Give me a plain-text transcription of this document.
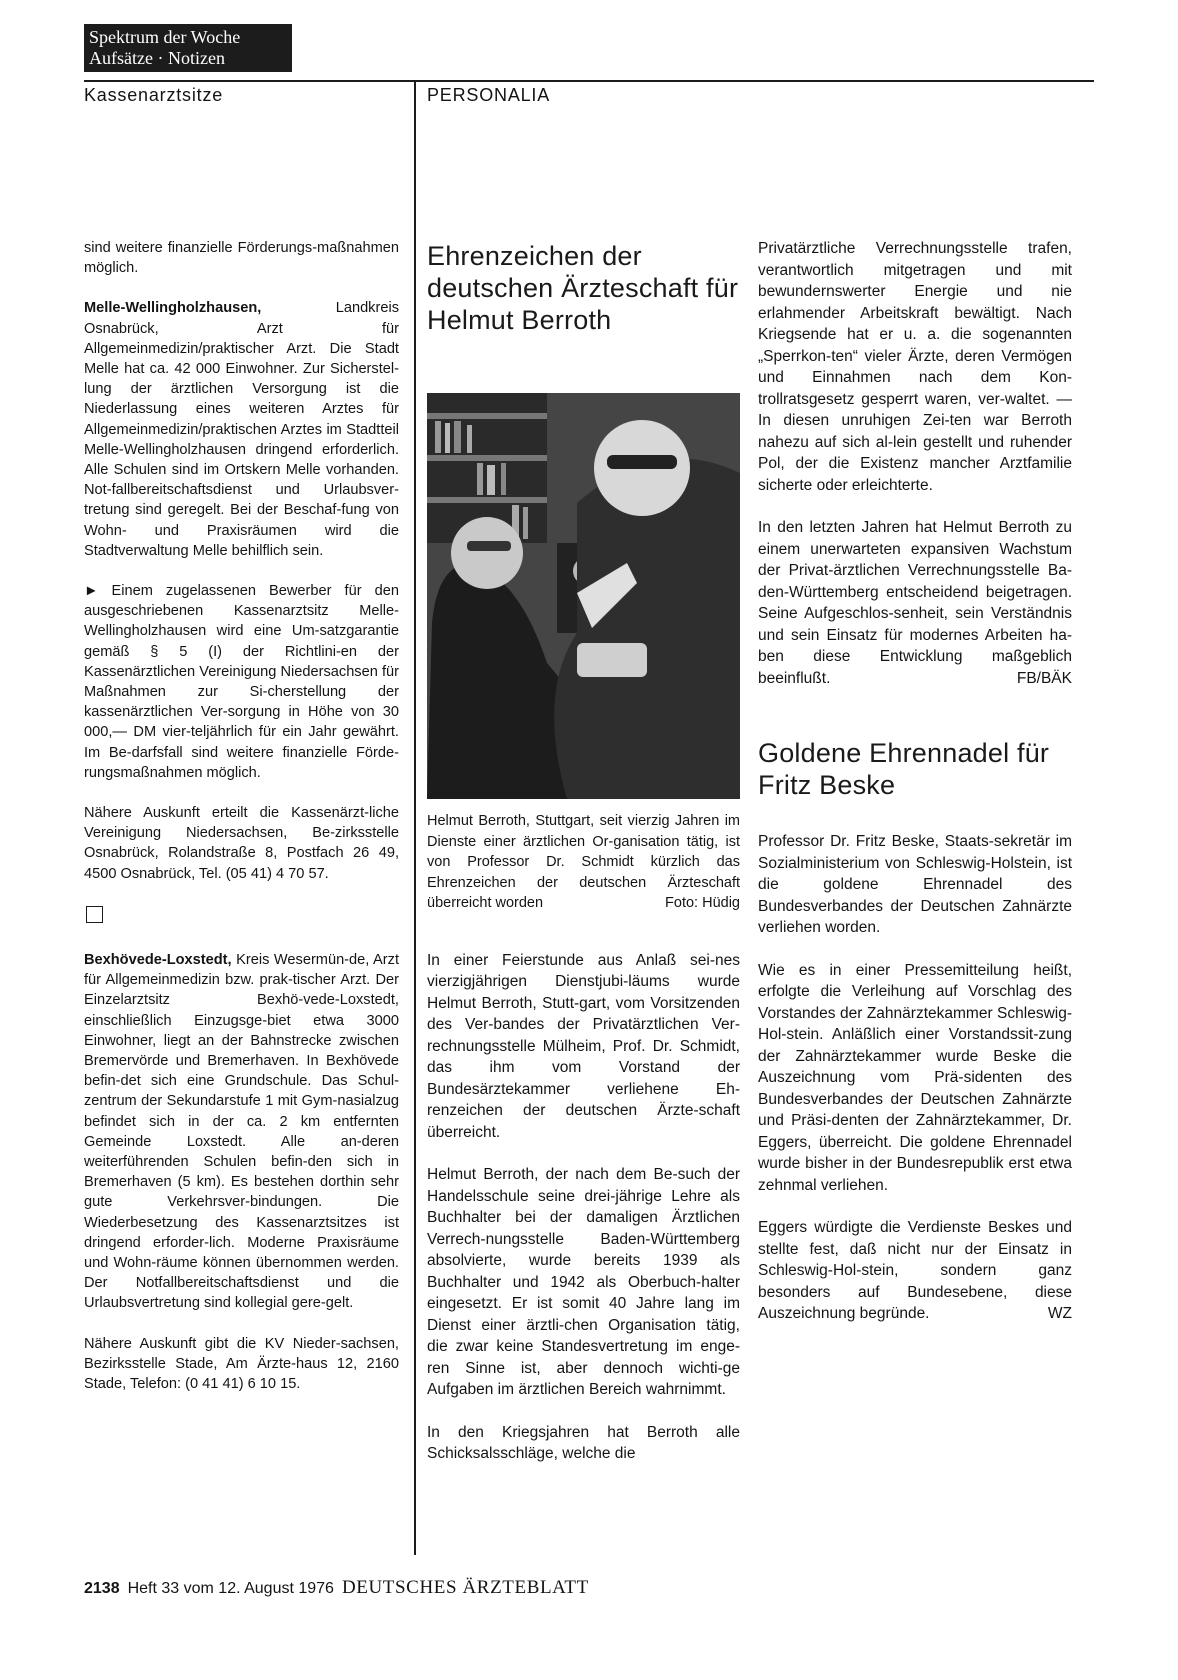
Spektrum der Woche
Aufsätze · Notizen
Kassenarztsitze	PERSONALIA

sind weitere finanzielle Förderungs-maßnahmen möglich.

Melle-Wellingholzhausen,	Landkreis Osnabrück, Arzt für Allgemeinmedizin/praktischer Arzt. Die Stadt Melle hat ca. 42 000 Einwohner. Zur Sicherstel-lung der ärztlichen Versorgung ist die Niederlassung eines weiteren Arztes für Allgemeinmedizin/praktischen Arztes im Stadtteil Melle-Wellingholzhausen dringend erforderlich. Alle Schulen sind im Ortskern Melle vorhanden. Not-fallbereitschaftsdienst und Urlaubsver-tretung sind geregelt. Bei der Beschaf-fung von Wohn- und Praxisräumen wird die Stadtverwaltung Melle behilflich sein.

► Einem zugelassenen Bewerber für den ausgeschriebenen Kassenarztsitz Melle-Wellingholzhausen wird eine Um-satzgarantie gemäß § 5 (I) der Richtlini-en der Kassenärztlichen Vereinigung Niedersachsen für Maßnahmen zur Si-cherstellung der kassenärztlichen Ver-sorgung in Höhe von 30 000,— DM vier-teljährlich für ein Jahr gewährt. Im Be-darfsfall sind weitere finanzielle Förde-rungsmaßnahmen möglich.

Nähere Auskunft erteilt die Kassenärzt-liche Vereinigung Niedersachsen, Be-zirksstelle Osnabrück, Rolandstraße 8, Postfach 26 49, 4500 Osnabrück, Tel. (05 41) 4 70 57.

Bexhövede-Loxstedt, Kreis Wesermün-de, Arzt für Allgemeinmedizin bzw. prak-tischer Arzt. Der Einzelarztsitz Bexhö-vede-Loxstedt, einschließlich Einzugsge-biet etwa 3000 Einwohner, liegt an der Bahnstrecke zwischen Bremervörde und Bremerhaven. In Bexhövede befin-det sich eine Grundschule. Das Schul-zentrum der Sekundarstufe 1 mit Gym-nasialzug befindet sich in der ca. 2 km entfernten Gemeinde Loxstedt. Alle an-deren weiterführenden Schulen befin-den sich in Bremerhaven (5 km). Es bestehen dorthin sehr gute Verkehrsver-bindungen. Die Wiederbesetzung des Kassenarztsitzes ist dringend erforder-lich. Moderne Praxisräume und Wohn-räume können übernommen werden. Der Notfallbereitschaftsdienst und die Urlaubsvertretung sind kollegial gere-gelt.

Nähere Auskunft gibt die KV Nieder-sachsen, Bezirksstelle Stade, Am Ärzte-haus 12, 2160 Stade, Telefon: (0 41 41) 6 10 15.

Ehrenzeichen der deutschen Ärzteschaft für Helmut Berroth

Helmut Berroth, Stuttgart, seit vierzig Jahren im Dienste einer ärztlichen Or-ganisation tätig, ist von Professor Dr. Schmidt kürzlich das Ehrenzeichen der deutschen Ärzteschaft überreicht worden	Foto: Hüdig

In einer Feierstunde aus Anlaß sei-nes vierzigjährigen Dienstjubi-läums wurde Helmut Berroth, Stutt-gart, vom Vorsitzenden des Ver-bandes der Privatärztlichen Ver-rechnungsstelle Mülheim, Prof. Dr. Schmidt, das ihm vom Vorstand der Bundesärztekammer verliehene Eh-renzeichen der deutschen Ärzte-schaft überreicht.

Helmut Berroth, der nach dem Be-such der Handelsschule seine drei-jährige Lehre als Buchhalter bei der damaligen Ärztlichen Verrech-nungsstelle Baden-Württemberg absolvierte, wurde bereits 1939 als Buchhalter und 1942 als Oberbuch-halter eingesetzt. Er ist somit 40 Jahre lang im Dienst einer ärztli-chen Organisation tätig, die zwar keine Standesvertretung im enge-ren Sinne ist, aber dennoch wichti-ge Aufgaben im ärztlichen Bereich wahrnimmt.

In den Kriegsjahren hat Berroth alle Schicksalsschläge, welche die

Privatärztliche Verrechnungsstelle trafen, verantwortlich mitgetragen und mit bewundernswerter Energie und nie erlahmender Arbeitskraft bewältigt. Nach Kriegsende hat er u. a. die sogenannten „Sperrkon-ten“ vieler Ärzte, deren Vermögen und Einnahmen nach dem Kon-trollratsgesetz gesperrt waren, ver-waltet. — In diesen unruhigen Zei-ten war Berroth nahezu auf sich al-lein gestellt und ruhender Pol, der die Existenz mancher Arztfamilie sicherte oder erleichterte.

In den letzten Jahren hat Helmut Berroth zu einem unerwarteten expansiven Wachstum der Privat-ärztlichen Verrechnungsstelle Ba-den-Württemberg entscheidend beigetragen. Seine Aufgeschlos-senheit, sein Verständnis und sein Einsatz für modernes Arbeiten ha-ben diese Entwicklung maßgeblich beeinflußt.	FB/BÄK

Goldene Ehrennadel für Fritz Beske

Professor Dr. Fritz Beske, Staats-sekretär im Sozialministerium von Schleswig-Holstein, ist die goldene Ehrennadel des Bundesverbandes der Deutschen Zahnärzte verliehen worden.

Wie es in einer Pressemitteilung heißt, erfolgte die Verleihung auf Vorschlag des Vorstandes der Zahnärztekammer Schleswig-Hol-stein. Anläßlich einer Vorstandssit-zung der Zahnärztekammer wurde Beske die Auszeichnung vom Prä-sidenten des Bundesverbandes der Deutschen Zahnärzte und Präsi-denten der Zahnärztekammer, Dr. Eggers, überreicht. Die goldene Ehrennadel wurde bisher in der Bundesrepublik erst etwa zehnmal verliehen.

Eggers würdigte die Verdienste Beskes und stellte fest, daß nicht nur der Einsatz in Schleswig-Hol-stein, sondern ganz besonders auf Bundesebene, diese Auszeichnung begründe.	WZ

2138 Heft 33 vom 12. August 1976 DEUTSCHES ÄRZTEBLATT
